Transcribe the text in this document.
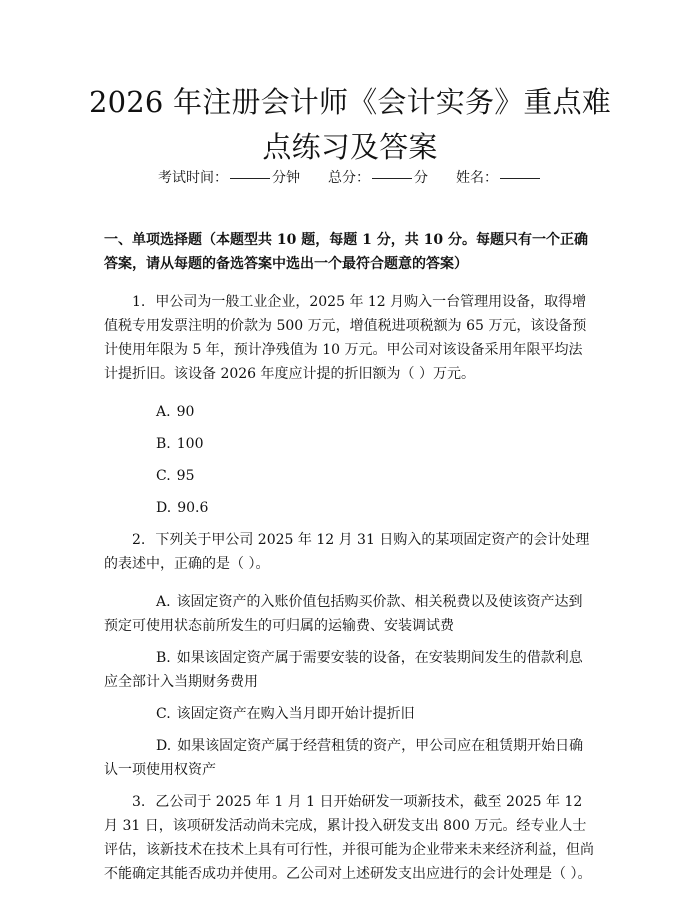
2026 年注册会计师《会计实务》重点难点练习及答案
考试时间：	分钟 总分：	分 姓名：

一、单项选择题（本题型共 10 题，每题 1 分，共 10 分。每题只有一个正确答案，请从每题的备选答案中选出一个最符合题意的答案）

1. 甲公司为一般工业企业，2025 年 12 月购入一台管理用设备，取得增值税专用发票注明的价款为 500 万元，增值税进项税额为 65 万元，该设备预计使用年限为 5 年，预计净残值为 10 万元。甲公司对该设备采用年限平均法计提折旧。该设备 2026 年度应计提的折旧额为（ ）万元。

A. 90

B. 100

C. 95

D. 90.6

2. 下列关于甲公司 2025 年 12 月 31 日购入的某项固定资产的会计处理的表述中，正确的是（ ）。

A. 该固定资产的入账价值包括购买价款、相关税费以及使该资产达到预定可使用状态前所发生的可归属的运输费、安装调试费

B. 如果该固定资产属于需要安装的设备，在安装期间发生的借款利息应全部计入当期财务费用

C. 该固定资产在购入当月即开始计提折旧

D. 如果该固定资产属于经营租赁的资产，甲公司应在租赁期开始日确认一项使用权资产

3. 乙公司于 2025 年 1 月 1 日开始研发一项新技术，截至 2025 年 12 月 31 日，该项研发活动尚未完成，累计投入研发支出 800 万元。经专业人士评估，该新技术在技术上具有可行性，并很可能为企业带来未来经济利益，但尚不能确定其能否成功并使用。乙公司对上述研发支出应进行的会计处理是（ ）。
